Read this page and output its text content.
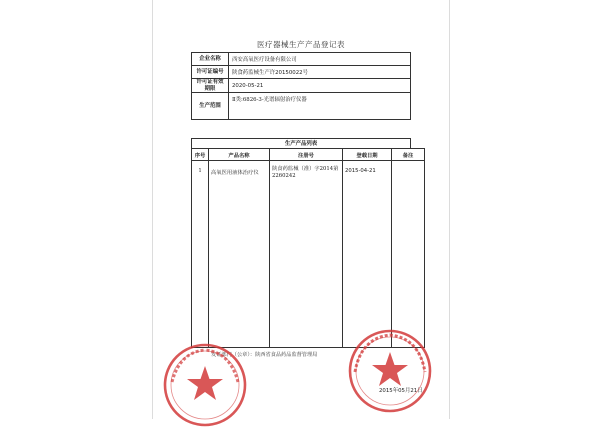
医疗器械生产产品登记表
企业名称	西安高氧医疗设备有限公司
许可证编号	陕食药监械生产许20150022号
许可证有效期限	2020-05-21
生产范围	Ⅱ类:6826-3-光谱辐射治疗仪器
生产产品列表
序号	产品名称	注册号	登载日期	备注
1	高氧医用液体治疗仪	陕食药监械（准）字2014第2260242	2015-04-21	
发证部门（公章）：陕西省食品药品监督管理局
2015年05月21日
